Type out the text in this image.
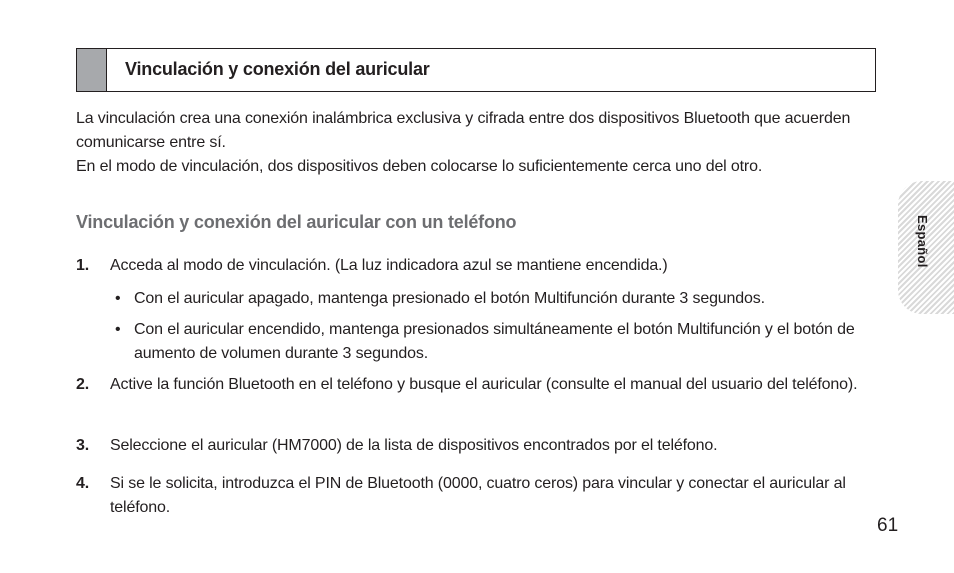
Vinculación y conexión del auricular

La vinculación crea una conexión inalámbrica exclusiva y cifrada entre dos dispositivos Bluetooth que acuerden comunicarse entre sí.

En el modo de vinculación, dos dispositivos deben colocarse lo suficientemente cerca uno del otro.

Vinculación y conexión del auricular con un teléfono
1. Acceda al modo de vinculación. (La luz indicadora azul se mantiene encendida.)
• Con el auricular apagado, mantenga presionado el botón Multifunción durante 3 segundos.
• Con el auricular encendido, mantenga presionados simultáneamente el botón Multifunción y el botón de aumento de volumen durante 3 segundos.
2. Active la función Bluetooth en el teléfono y busque el auricular (consulte el manual del usuario del teléfono).
3. Seleccione el auricular (HM7000) de la lista de dispositivos encontrados por el teléfono.
4. Si se le solicita, introduzca el PIN de Bluetooth (0000, cuatro ceros) para vincular y conectar el auricular al teléfono.
Español
61
